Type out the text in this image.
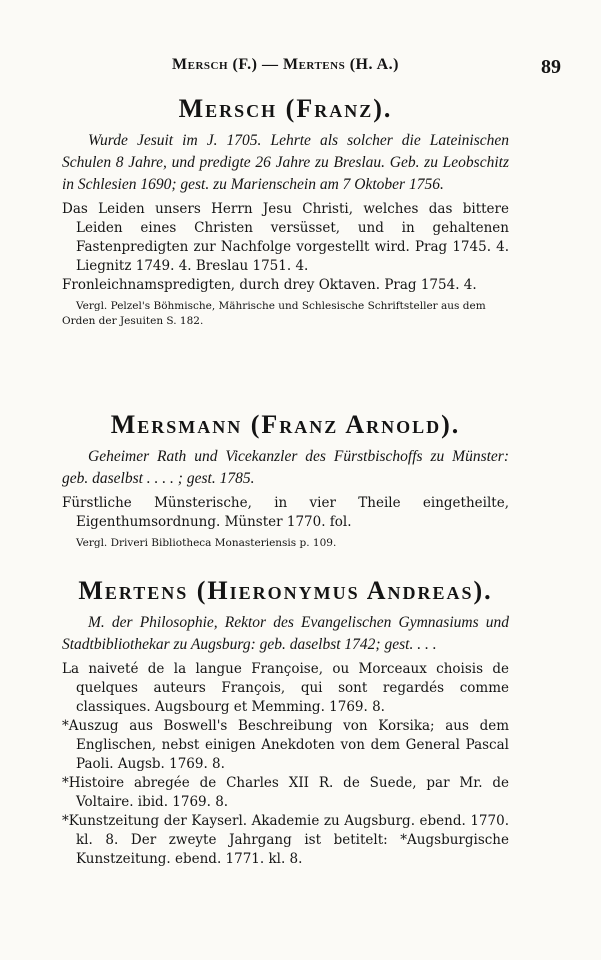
Mersch (F.) — Mertens (H. A.)	89
Mersch (Franz).
Wurde Jesuit im J. 1705. Lehrte als solcher die Lateinischen Schulen 8 Jahre, und predigte 26 Jahre zu Breslau. Geb. zu Leobschitz in Schlesien 1690; gest. zu Marienschein am 7 Oktober 1756.
Das Leiden unsers Herrn Jesu Christi, welches das bittere Leiden eines Christen versüsset, und in gehaltenen Fastenpredigten zur Nachfolge vorgestellt wird. Prag 1745. 4. Liegnitz 1749. 4. Breslau 1751. 4.
Fronleichnamspredigten, durch drey Oktaven. Prag 1754. 4.
Vergl. Pelzel's Böhmische, Mährische und Schlesische Schriftsteller aus dem Orden der Jesuiten S. 182.
Mersmann (Franz Arnold).
Geheimer Rath und Vicekanzler des Fürstbischoffs zu Münster: geb. daselbst . . . . ; gest. 1785.
Fürstliche Münsterische, in vier Theile eingetheilte, Eigenthumsordnung. Münster 1770. fol.
Vergl. Driveri Bibliotheca Monasteriensis p. 109.
Mertens (Hieronymus Andreas).
M. der Philosophie, Rektor des Evangelischen Gymnasiums und Stadtbibliothekar zu Augsburg: geb. daselbst 1742; gest. . . .
La naiveté de la langue Françoise, ou Morceaux choisis de quelques auteurs François, qui sont regardés comme classiques. Augsbourg et Memming. 1769. 8.
*Auszug aus Boswell's Beschreibung von Korsika; aus dem Englischen, nebst einigen Anekdoten von dem General Pascal Paoli. Augsb. 1769. 8.
*Histoire abregée de Charles XII R. de Suede, par Mr. de Voltaire. ibid. 1769. 8.
*Kunstzeitung der Kayserl. Akademie zu Augsburg. ebend. 1770. kl. 8. Der zweyte Jahrgang ist betitelt: *Augsburgische Kunstzeitung. ebend. 1771. kl. 8.
